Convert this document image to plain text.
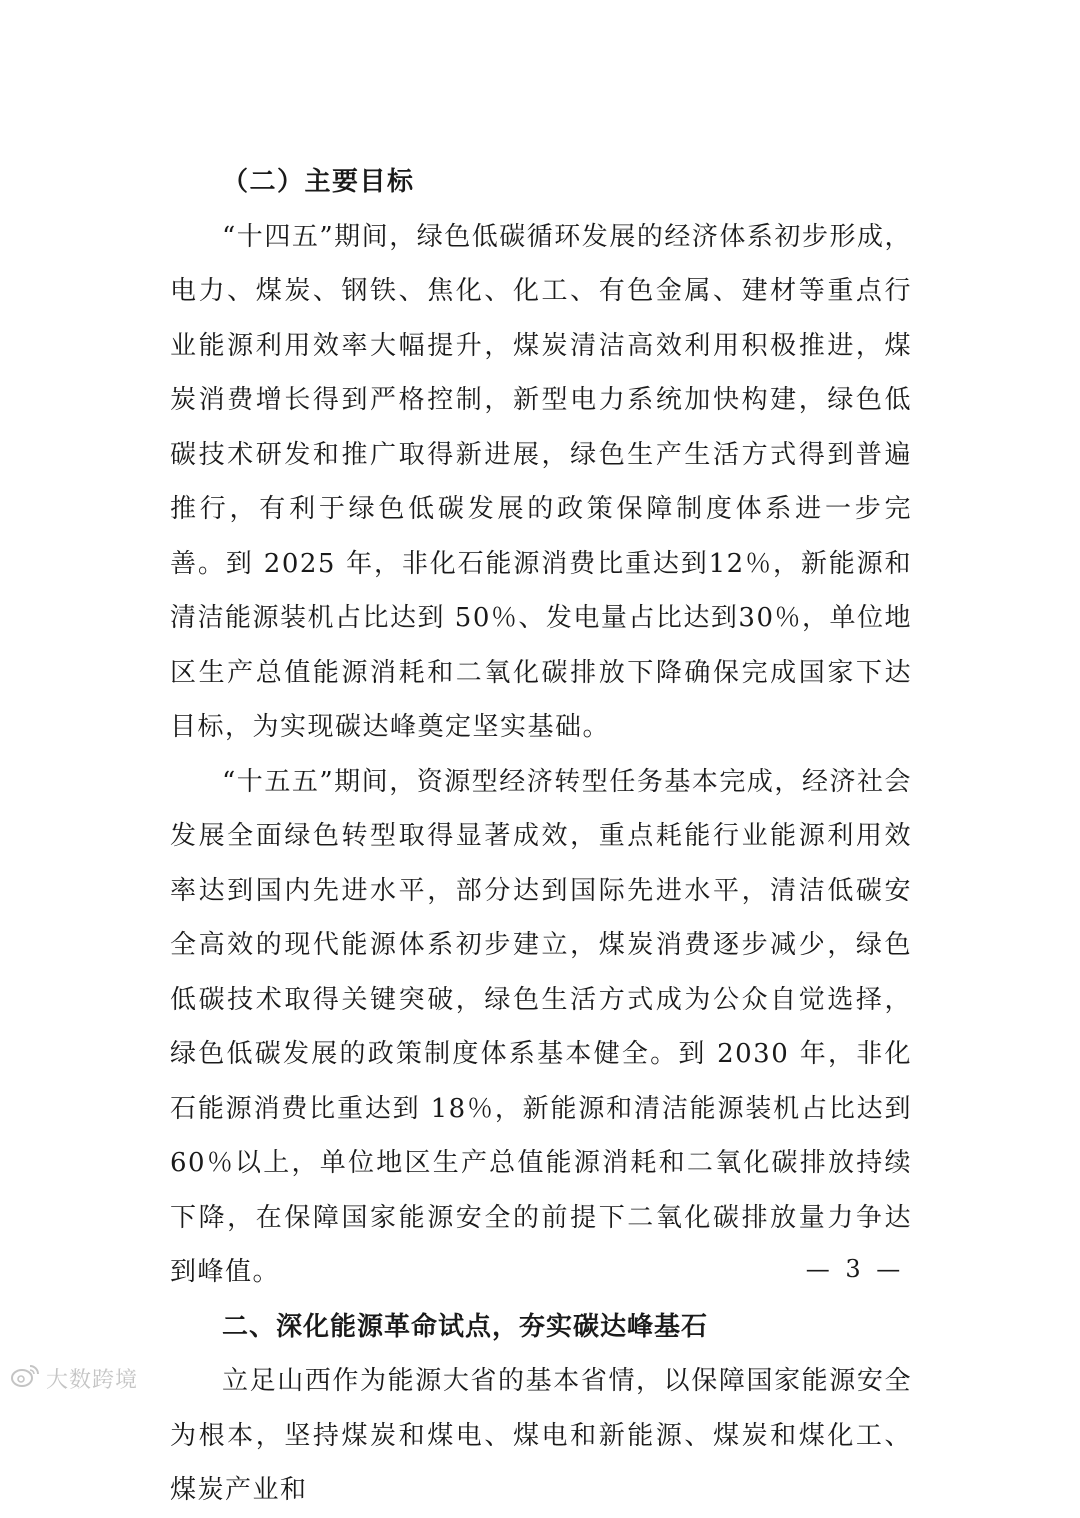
（二）主要目标

“十四五”期间，绿色低碳循环发展的经济体系初步形成，电力、煤炭、钢铁、焦化、化工、有色金属、建材等重点行业能源利用效率大幅提升，煤炭清洁高效利用积极推进，煤炭消费增长得到严格控制，新型电力系统加快构建，绿色低碳技术研发和推广取得新进展，绿色生产生活方式得到普遍推行，有利于绿色低碳发展的政策保障制度体系进一步完善。到 2025 年，非化石能源消费比重达到12％，新能源和清洁能源装机占比达到 50％、发电量占比达到30％，单位地区生产总值能源消耗和二氧化碳排放下降确保完成国家下达目标，为实现碳达峰奠定坚实基础。

“十五五”期间，资源型经济转型任务基本完成，经济社会发展全面绿色转型取得显著成效，重点耗能行业能源利用效率达到国内先进水平，部分达到国际先进水平，清洁低碳安全高效的现代能源体系初步建立，煤炭消费逐步减少，绿色低碳技术取得关键突破，绿色生活方式成为公众自觉选择，绿色低碳发展的政策制度体系基本健全。到 2030 年，非化石能源消费比重达到 18％，新能源和清洁能源装机占比达到 60％以上，单位地区生产总值能源消耗和二氧化碳排放持续下降，在保障国家能源安全的前提下二氧化碳排放量力争达到峰值。

二、深化能源革命试点，夯实碳达峰基石

立足山西作为能源大省的基本省情，以保障国家能源安全为根本，坚持煤炭和煤电、煤电和新能源、煤炭和煤化工、煤炭产业和

— 3 —
大数跨境
